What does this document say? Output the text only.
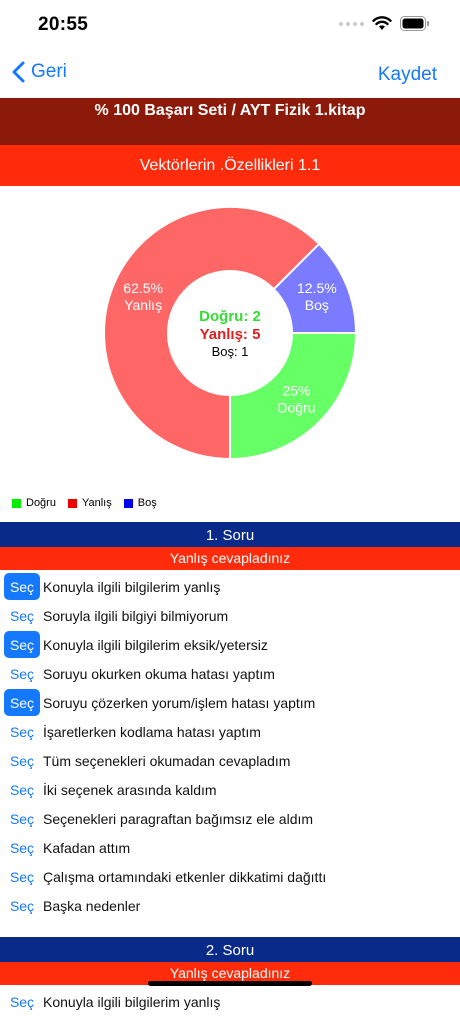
20:55
Geri	Kaydet
% 100 Başarı Seti / AYT Fizik 1.kitap
Vektörlerin .Özellikleri 1.1
25% Doğru
62.5% Yanlış
12.5% Boş
Doğru: 2
Yanlış: 5
Boş: 1
Doğru Yanlış Boş
1. Soru
Yanlış cevapladınız
Seç Konuyla ilgili bilgilerim yanlış
Seç Soruyla ilgili bilgiyi bilmiyorum
Seç Konuyla ilgili bilgilerim eksik/yetersiz
Seç Soruyu okurken okuma hatası yaptım
Seç Soruyu çözerken yorum/işlem hatası yaptım
Seç İşaretlerken kodlama hatası yaptım
Seç Tüm seçenekleri okumadan cevapladım
Seç İki seçenek arasında kaldım
Seç Seçenekleri paragraftan bağımsız ele aldım
Seç Kafadan attım
Seç Çalışma ortamındaki etkenler dikkatimi dağıttı
Seç Başka nedenler
2. Soru
Yanlış cevapladınız
Seç Konuyla ilgili bilgilerim yanlış
